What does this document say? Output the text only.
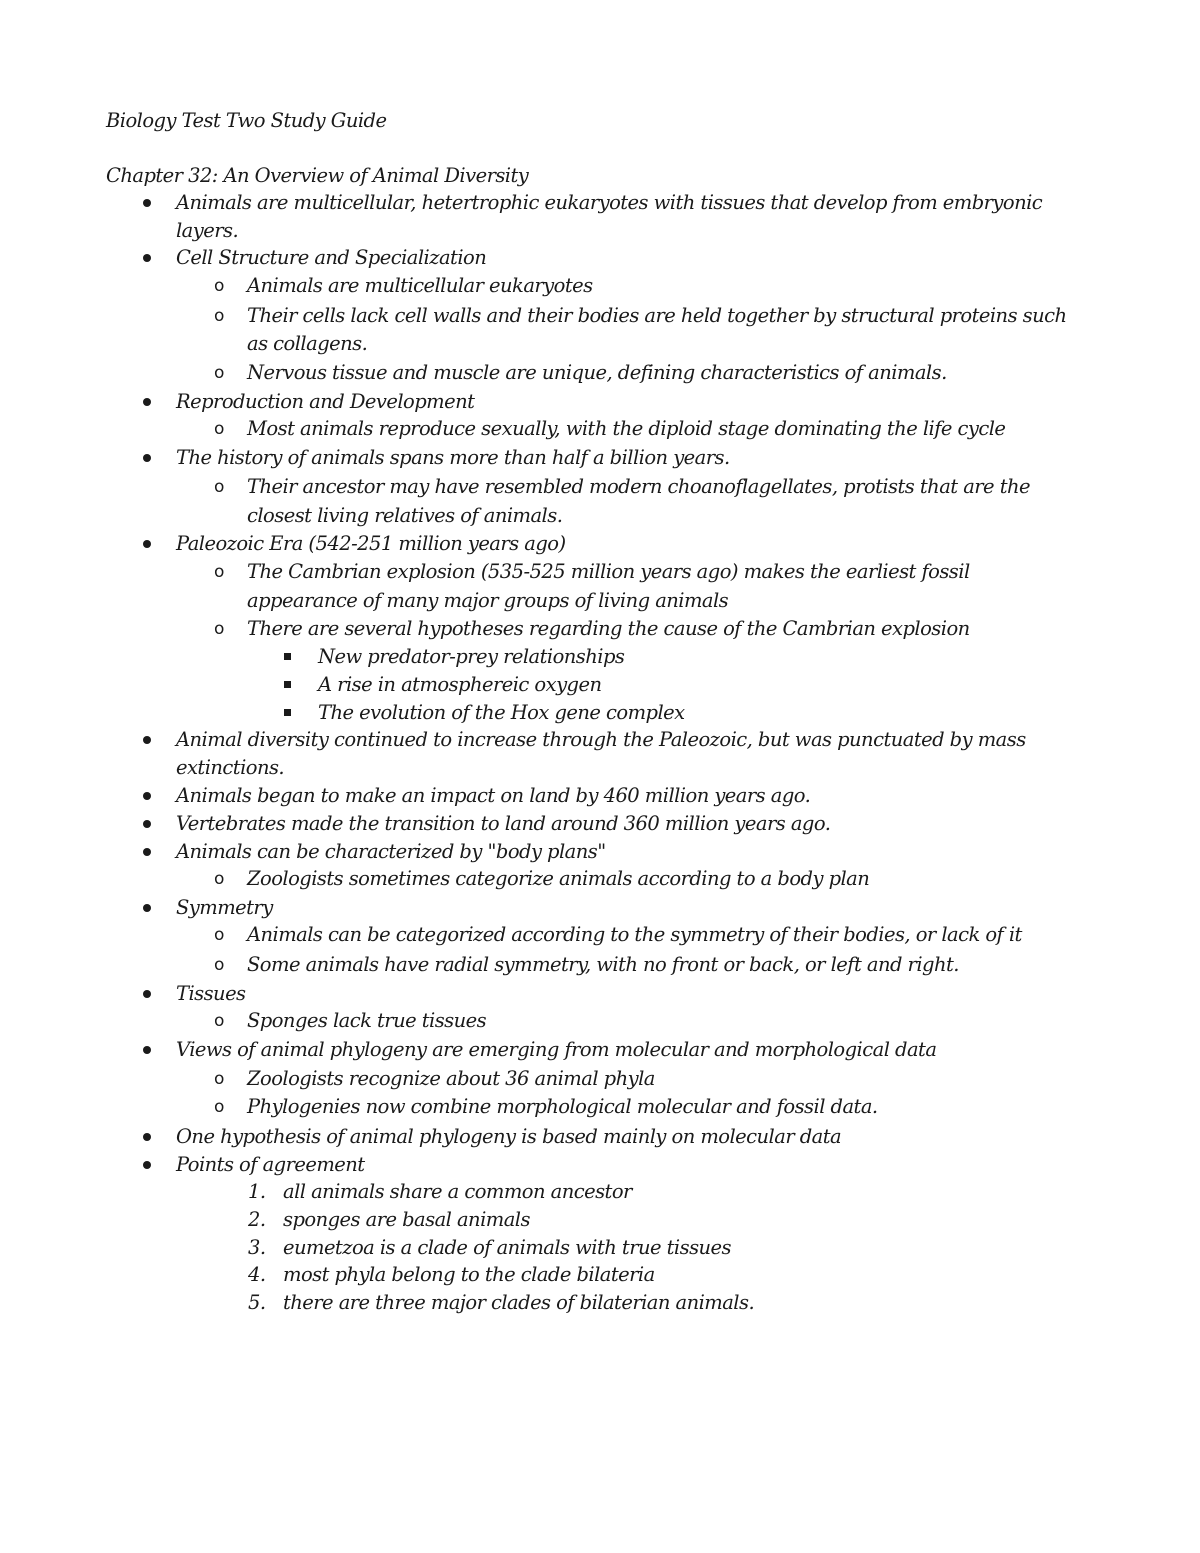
Biology Test Two Study Guide
Chapter 32: An Overview of Animal Diversity
Animals are multicellular, hetertrophic eukaryotes with tissues that develop from embryonic
layers.
Cell Structure and Specialization
o Animals are multicellular eukaryotes
o Their cells lack cell walls and their bodies are held together by structural proteins such
as collagens.
o Nervous tissue and muscle are unique, defining characteristics of animals.
Reproduction and Development
o Most animals reproduce sexually, with the diploid stage dominating the life cycle
The history of animals spans more than half a billion years.
o Their ancestor may have resembled modern choanoflagellates, protists that are the
closest living relatives of animals.
Paleozoic Era (542-251 million years ago)
o The Cambrian explosion (535-525 million years ago) makes the earliest fossil
appearance of many major groups of living animals
o There are several hypotheses regarding the cause of the Cambrian explosion
New predator-prey relationships
A rise in atmosphereic oxygen
The evolution of the Hox gene complex
Animal diversity continued to increase through the Paleozoic, but was punctuated by mass
extinctions.
Animals began to make an impact on land by 460 million years ago.
Vertebrates made the transition to land around 360 million years ago.
Animals can be characterized by "body plans"
o Zoologists sometimes categorize animals according to a body plan
Symmetry
o Animals can be categorized according to the symmetry of their bodies, or lack of it
o Some animals have radial symmetry, with no front or back, or left and right.
Tissues
o Sponges lack true tissues
Views of animal phylogeny are emerging from molecular and morphological data
o Zoologists recognize about 36 animal phyla
o Phylogenies now combine morphological molecular and fossil data.
One hypothesis of animal phylogeny is based mainly on molecular data
Points of agreement
1. all animals share a common ancestor
2. sponges are basal animals
3. eumetzoa is a clade of animals with true tissues
4. most phyla belong to the clade bilateria
5. there are three major clades of bilaterian animals.
